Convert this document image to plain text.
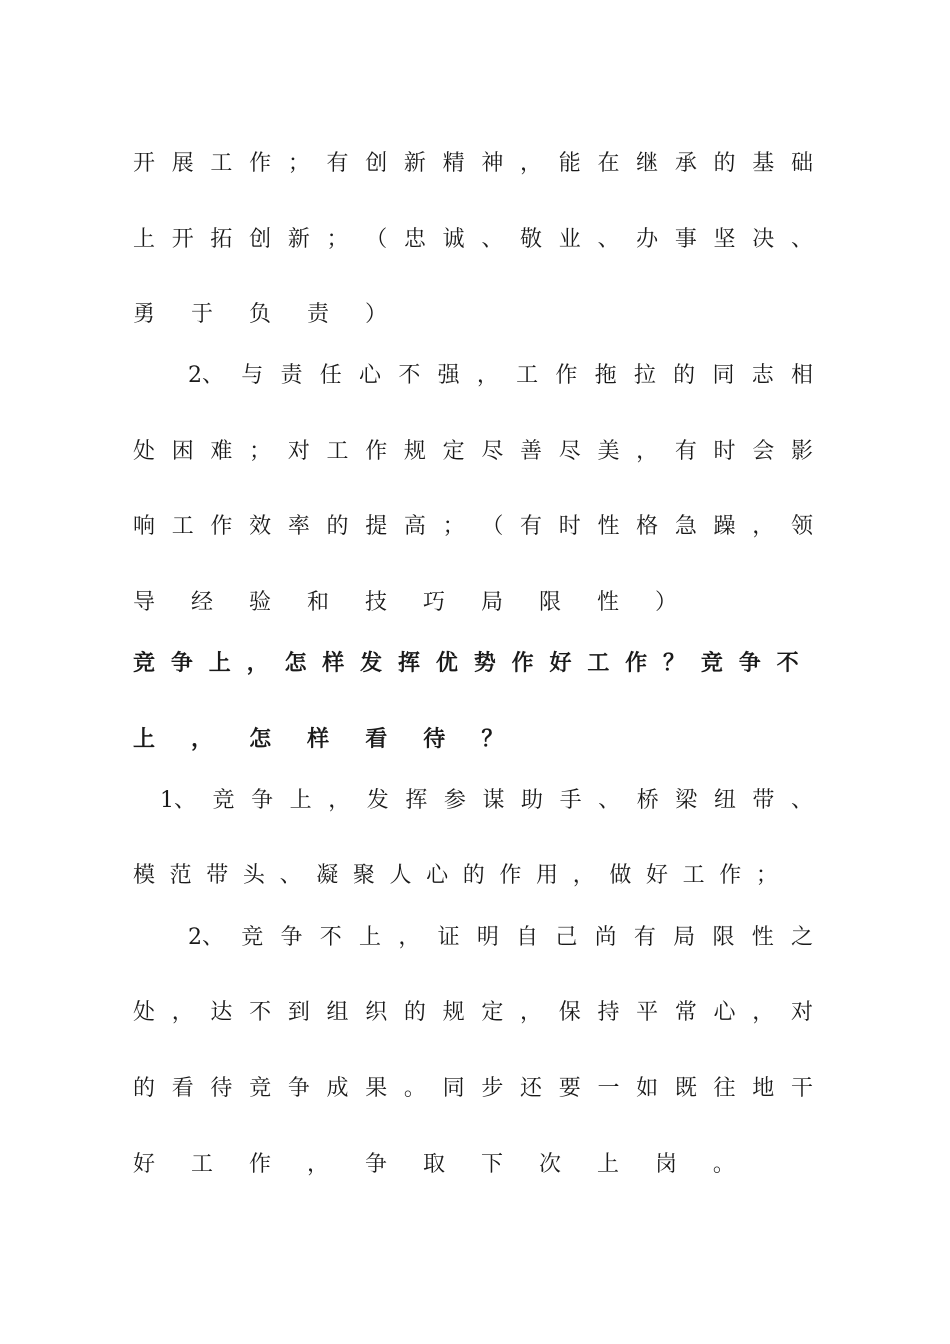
开 展 工 作 ； 有 创 新 精 神 ， 能 在 继 承 的 基 础
上 开 拓 创 新 ； （ 忠 诚 、 敬 业 、 办 事 坚 决 、
勇 于 负 责 ）
2、 与 责 任 心 不 强 ， 工 作 拖 拉 的 同 志 相
处 困 难 ； 对 工 作 规 定 尽 善 尽 美 ， 有 时 会 影
响 工 作 效 率 的 提 高 ； （ 有 时 性 格 急 躁 ， 领
导 经 验 和 技 巧 局 限 性 ）
竞 争 上 ， 怎 样 发 挥 优 势 作 好 工 作 ？ 竞 争 不
上 ， 怎 样 看 待 ？
1、 竞 争 上 ， 发 挥 参 谋 助 手 、 桥 梁 纽 带 、
模 范 带 头 、 凝 聚 人 心 的 作 用 ， 做 好 工 作 ；
2、 竞 争 不 上 ， 证 明 自 己 尚 有 局 限 性 之
处 ， 达 不 到 组 织 的 规 定 ， 保 持 平 常 心 ， 对
的 看 待 竞 争 成 果 。 同 步 还 要 一 如 既 往 地 干
好 工 作 ， 争 取 下 次 上 岗 。
